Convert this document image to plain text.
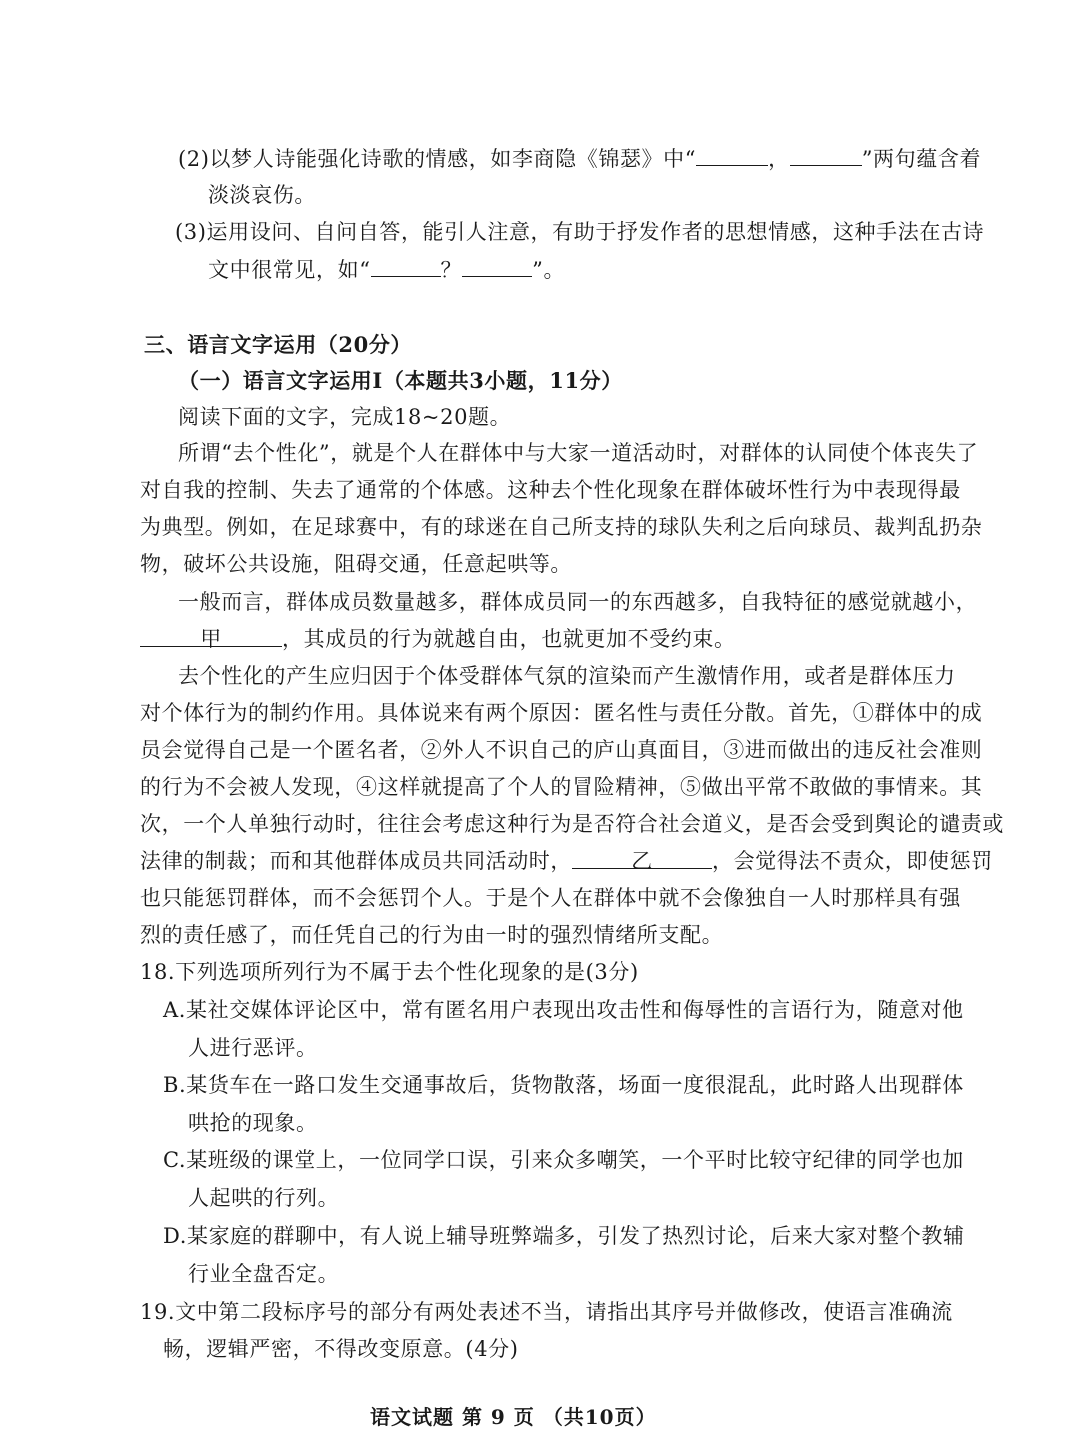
(2)以梦人诗能强化诗歌的情感，如李商隐《锦瑟》中“	，	”两句蕴含着
淡淡哀伤。
(3)运用设问、自问自答，能引人注意，有助于抒发作者的思想情感，这种手法在古诗
文中很常见，如“	？	”。
三、语言文字运用（20分）
（一）语言文字运用Ⅰ（本题共3小题，11分）
阅读下面的文字，完成18~20题。
所谓“去个性化”，就是个人在群体中与大家一道活动时，对群体的认同使个体丧失了
对自我的控制、失去了通常的个体感。这种去个性化现象在群体破坏性行为中表现得最
为典型。例如，在足球赛中，有的球迷在自己所支持的球队失利之后向球员、裁判乱扔杂
物，破坏公共设施，阻碍交通，任意起哄等。
一般而言，群体成员数量越多，群体成员同一的东西越多，自我特征的感觉就越小，
甲	，其成员的行为就越自由，也就更加不受约束。
去个性化的产生应归因于个体受群体气氛的渲染而产生激情作用，或者是群体压力
对个体行为的制约作用。具体说来有两个原因：匿名性与责任分散。首先，①群体中的成
员会觉得自己是一个匿名者，②外人不识自己的庐山真面目，③进而做出的违反社会准则
的行为不会被人发现，④这样就提高了个人的冒险精神，⑤做出平常不敢做的事情来。其
次，一个人单独行动时，往往会考虑这种行为是否符合社会道义，是否会受到舆论的谴责或
法律的制裁；而和其他群体成员共同活动时，	乙	，会觉得法不责众，即使惩罚
也只能惩罚群体，而不会惩罚个人。于是个人在群体中就不会像独自一人时那样具有强
烈的责任感了，而任凭自己的行为由一时的强烈情绪所支配。
18.下列选项所列行为不属于去个性化现象的是(3分)
A.某社交媒体评论区中，常有匿名用户表现出攻击性和侮辱性的言语行为，随意对他
人进行恶评。
B.某货车在一路口发生交通事故后，货物散落，场面一度很混乱，此时路人出现群体
哄抢的现象。
C.某班级的课堂上，一位同学口误，引来众多嘲笑，一个平时比较守纪律的同学也加
人起哄的行列。
D.某家庭的群聊中，有人说上辅导班弊端多，引发了热烈讨论，后来大家对整个教辅
行业全盘否定。
19.文中第二段标序号的部分有两处表述不当，请指出其序号并做修改，使语言准确流
畅，逻辑严密，不得改变原意。(4分)
语文试题 第 9 页 （共10页）
